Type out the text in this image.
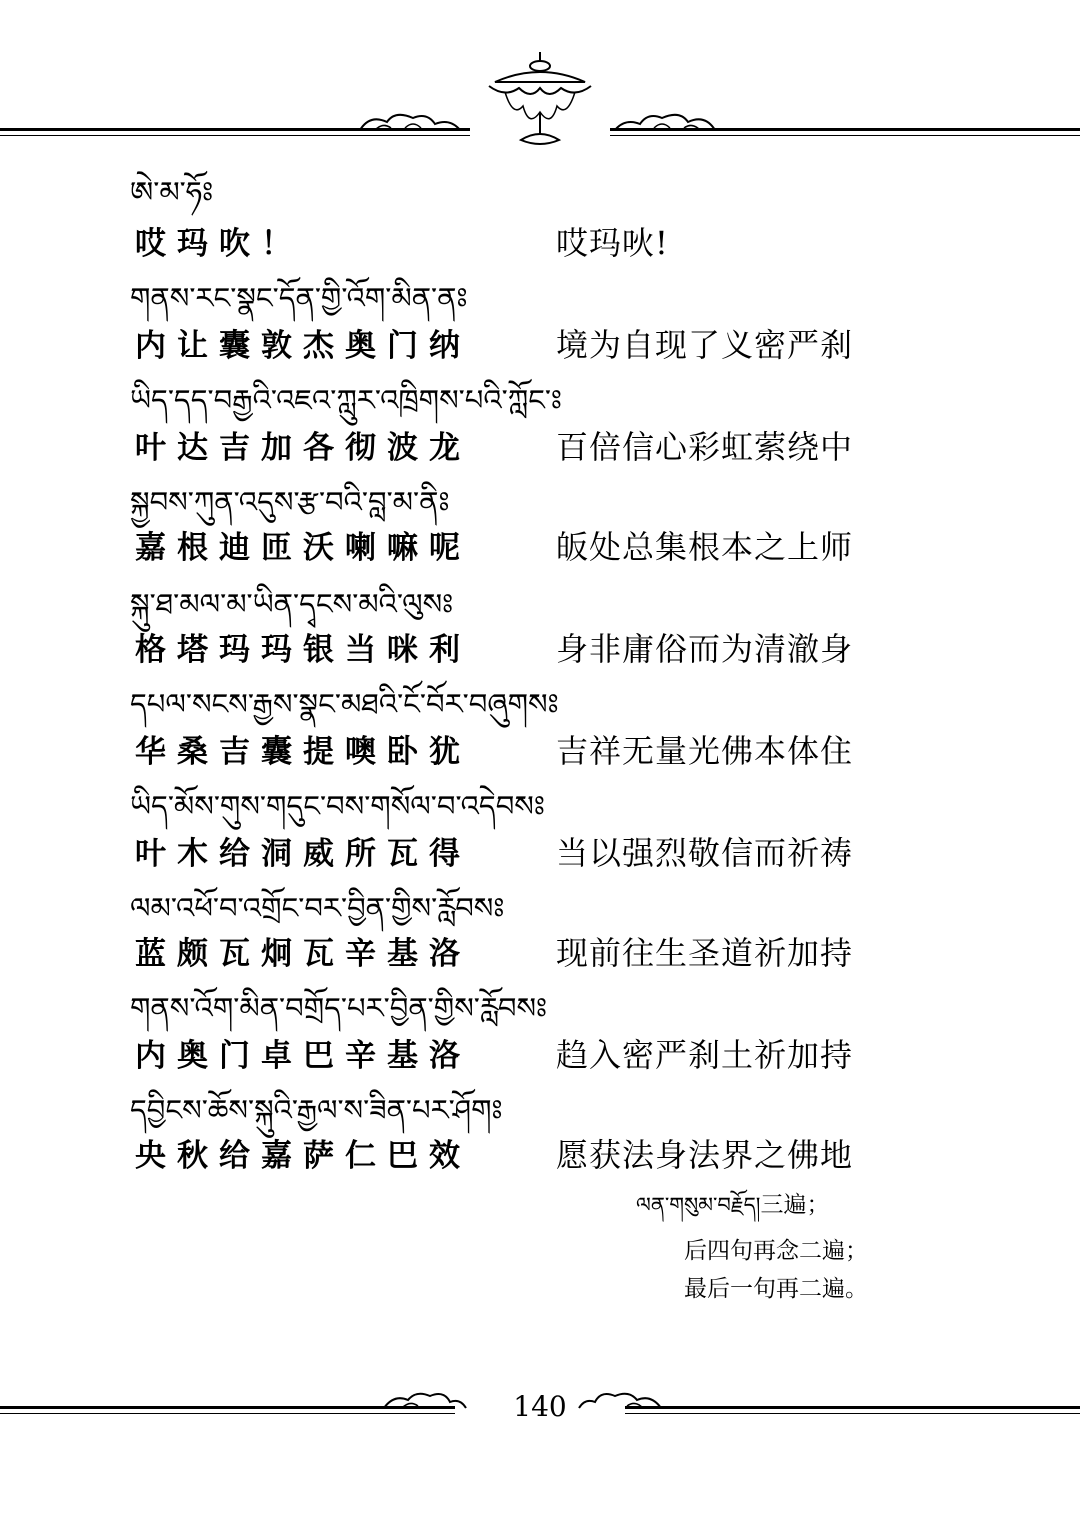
ཨེ་མ་ཧོཿ
哎玛吹！	哎玛吙!
གནས་རང་སྣང་དོན་གྱི་འོག་མིན་ནཿ
内让囊敦杰奥门纳	境为自现了义密严刹
ཡིད་དད་བརྒྱའི་འཇའ་ཀླུར་འཁྲིགས་པའི་ཀློང་ཿ
叶达吉加各彻波龙	百倍信心彩虹萦绕中
སྐྱབས་ཀུན་འདུས་རྩ་བའི་བླ་མ་ནིཿ
嘉根迪匝沃喇嘛呢	皈处总集根本之上师
སྐུ་ཐ་མལ་མ་ཡིན་དྭངས་མའི་ལུསཿ
格塔玛玛银当咪利	身非庸俗而为清澈身
དཔལ་སངས་རྒྱས་སྣང་མཐའི་ངོ་བོར་བཞུགསཿ
华桑吉囊提噢卧犹	吉祥无量光佛本体住
ཡིད་མོས་གུས་གདུང་བས་གསོལ་བ་འདེབསཿ
叶木给洞威所瓦得	当以强烈敬信而祈祷
ལམ་འཕོ་བ་འགྲོང་བར་བྱིན་གྱིས་རློབསཿ
蓝颇瓦炯瓦辛基洛	现前往生圣道祈加持
གནས་འོག་མིན་བགྲོད་པར་བྱིན་གྱིས་རློབསཿ
内奥门卓巴辛基洛	趋入密严刹土祈加持
དབྱིངས་ཆོས་སྐུའི་རྒྱལ་ས་ཟིན་པར་ཤོགཿ
央秋给嘉萨仁巴效	愿获法身法界之佛地
ལན་གསུམ་བརྗོད།三遍；
后四句再念二遍；
最后一句再二遍。
140
